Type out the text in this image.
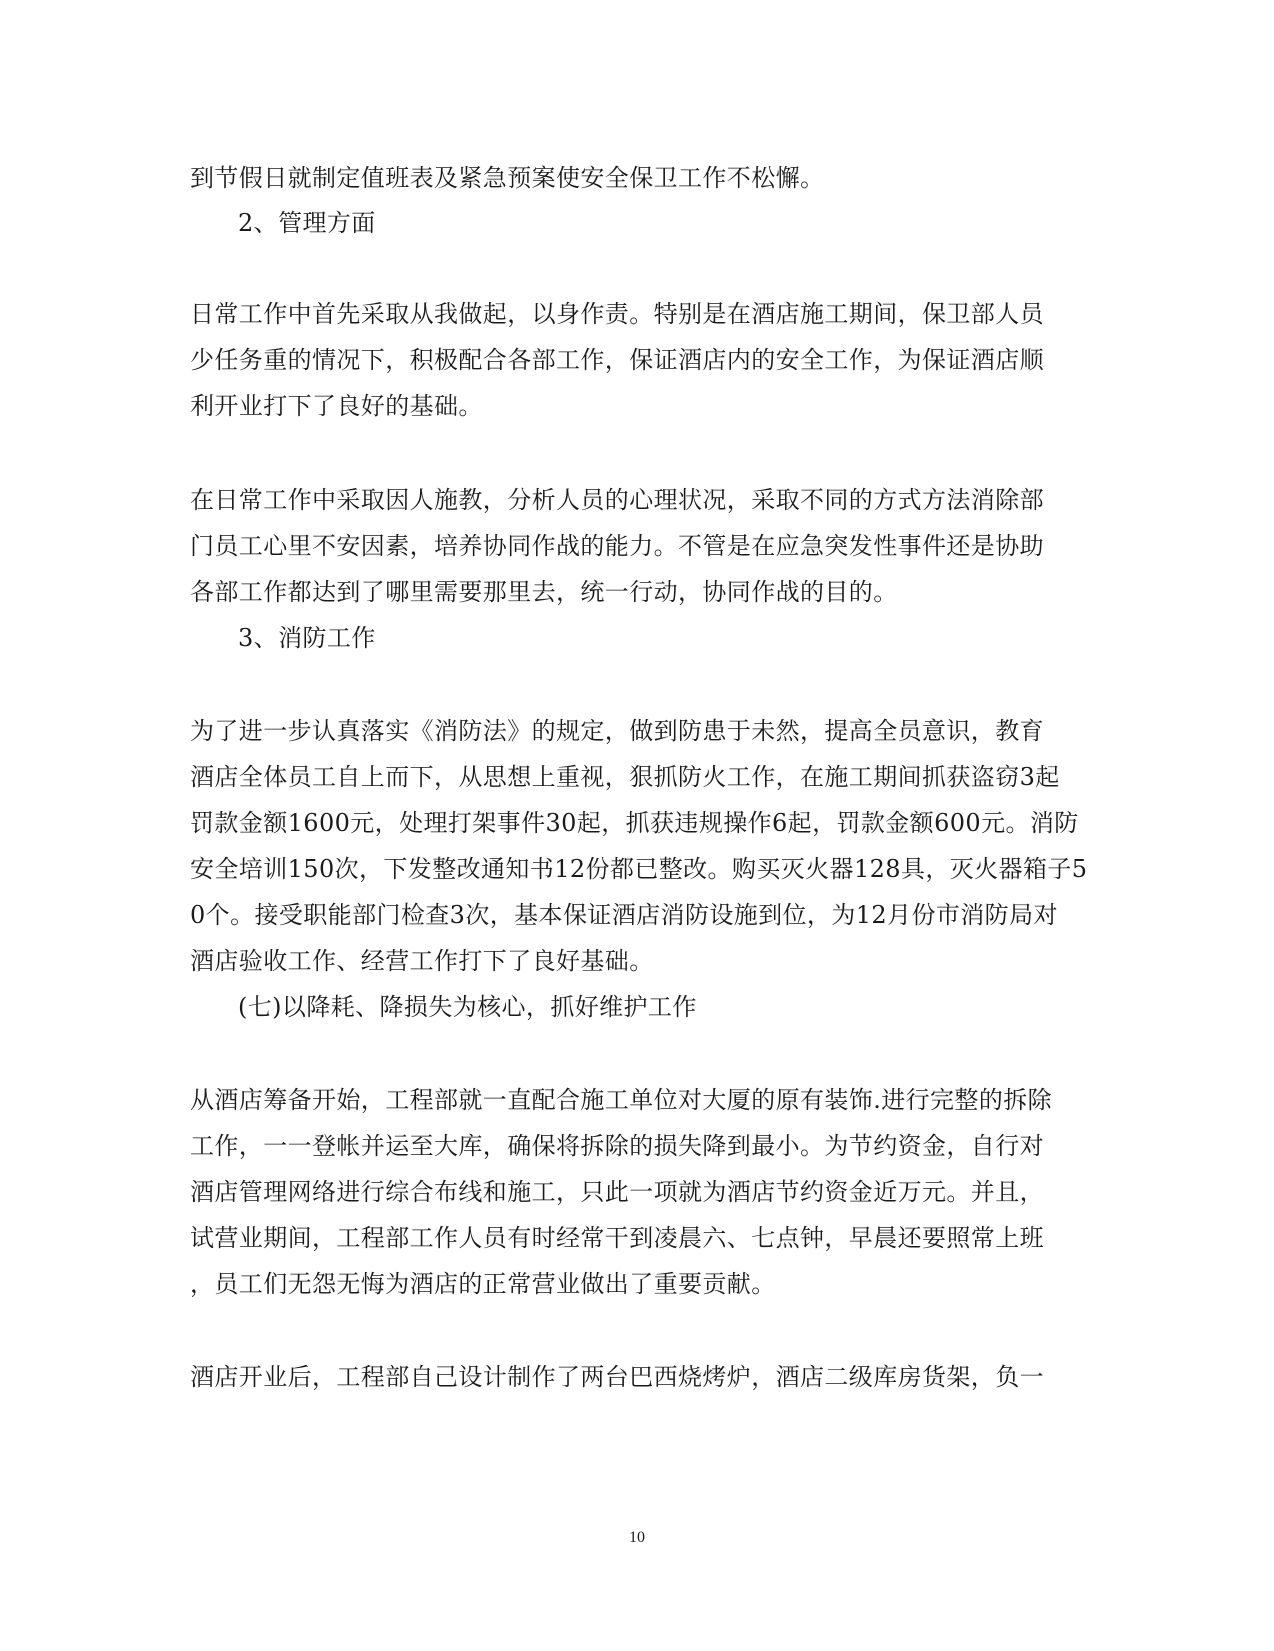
到节假日就制定值班表及紧急预案使安全保卫工作不松懈。
2、管理方面
日常工作中首先采取从我做起，以身作责。特别是在酒店施工期间，保卫部人员
少任务重的情况下，积极配合各部工作，保证酒店内的安全工作，为保证酒店顺
利开业打下了良好的基础。
在日常工作中采取因人施教，分析人员的心理状况，采取不同的方式方法消除部
门员工心里不安因素，培养协同作战的能力。不管是在应急突发性事件还是协助
各部工作都达到了哪里需要那里去，统一行动，协同作战的目的。
3、消防工作
为了进一步认真落实《消防法》的规定，做到防患于未然，提高全员意识，教育
酒店全体员工自上而下，从思想上重视，狠抓防火工作，在施工期间抓获盗窃3起
罚款金额1600元，处理打架事件30起，抓获违规操作6起，罚款金额600元。消防
安全培训150次，下发整改通知书12份都已整改。购买灭火器128具，灭火器箱子5
0个。接受职能部门检查3次，基本保证酒店消防设施到位，为12月份市消防局对
酒店验收工作、经营工作打下了良好基础。
(七)以降耗、降损失为核心，抓好维护工作
从酒店筹备开始，工程部就一直配合施工单位对大厦的原有装饰.进行完整的拆除
工作，一一登帐并运至大库，确保将拆除的损失降到最小。为节约资金，自行对
酒店管理网络进行综合布线和施工，只此一项就为酒店节约资金近万元。并且，
试营业期间，工程部工作人员有时经常干到凌晨六、七点钟，早晨还要照常上班
，员工们无怨无悔为酒店的正常营业做出了重要贡献。
酒店开业后，工程部自己设计制作了两台巴西烧烤炉，酒店二级库房货架，负一
10
